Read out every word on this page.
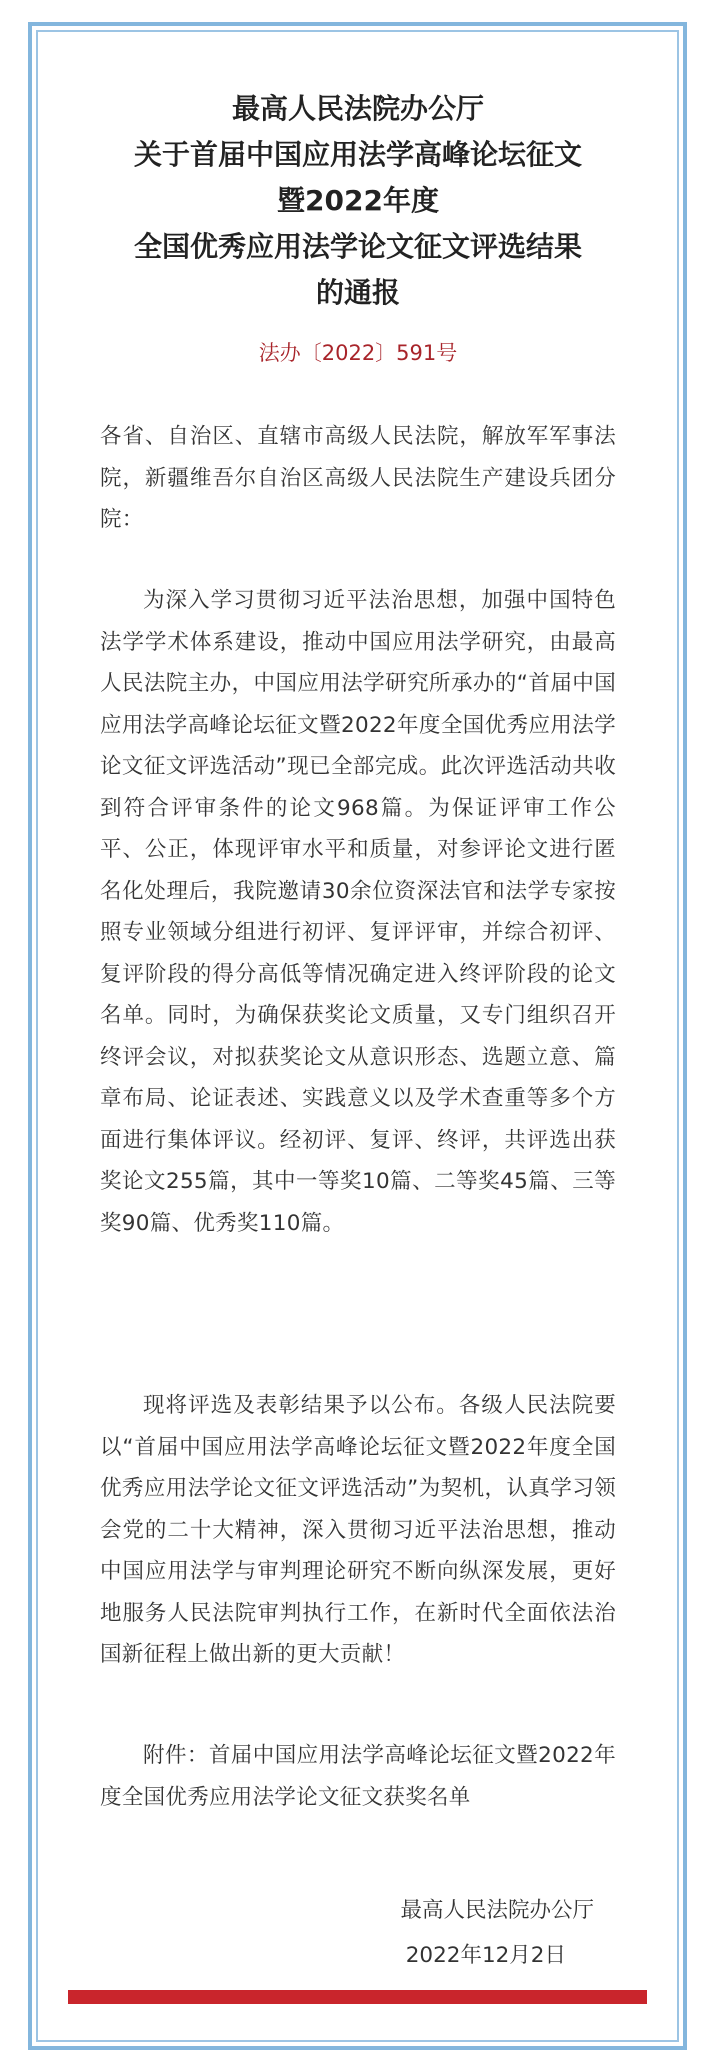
最高人民法院办公厅
关于首届中国应用法学高峰论坛征文
暨2022年度
全国优秀应用法学论文征文评选结果
的通报
法办〔2022〕591号

各省、自治区、直辖市高级人民法院，解放军军事法院，新疆维吾尔自治区高级人民法院生产建设兵团分院：

为深入学习贯彻习近平法治思想，加强中国特色法学学术体系建设，推动中国应用法学研究，由最高人民法院主办，中国应用法学研究所承办的“首届中国应用法学高峰论坛征文暨2022年度全国优秀应用法学论文征文评选活动”现已全部完成。此次评选活动共收到符合评审条件的论文968篇。为保证评审工作公平、公正，体现评审水平和质量，对参评论文进行匿名化处理后，我院邀请30余位资深法官和法学专家按照专业领域分组进行初评、复评评审，并综合初评、复评阶段的得分高低等情况确定进入终评阶段的论文名单。同时，为确保获奖论文质量，又专门组织召开终评会议，对拟获奖论文从意识形态、选题立意、篇章布局、论证表述、实践意义以及学术查重等多个方面进行集体评议。经初评、复评、终评，共评选出获奖论文255篇，其中一等奖10篇、二等奖45篇、三等奖90篇、优秀奖110篇。

现将评选及表彰结果予以公布。各级人民法院要以“首届中国应用法学高峰论坛征文暨2022年度全国优秀应用法学论文征文评选活动”为契机，认真学习领会党的二十大精神，深入贯彻习近平法治思想，推动中国应用法学与审判理论研究不断向纵深发展，更好地服务人民法院审判执行工作，在新时代全面依法治国新征程上做出新的更大贡献！

附件：首届中国应用法学高峰论坛征文暨2022年度全国优秀应用法学论文征文获奖名单

最高人民法院办公厅
2022年12月2日
